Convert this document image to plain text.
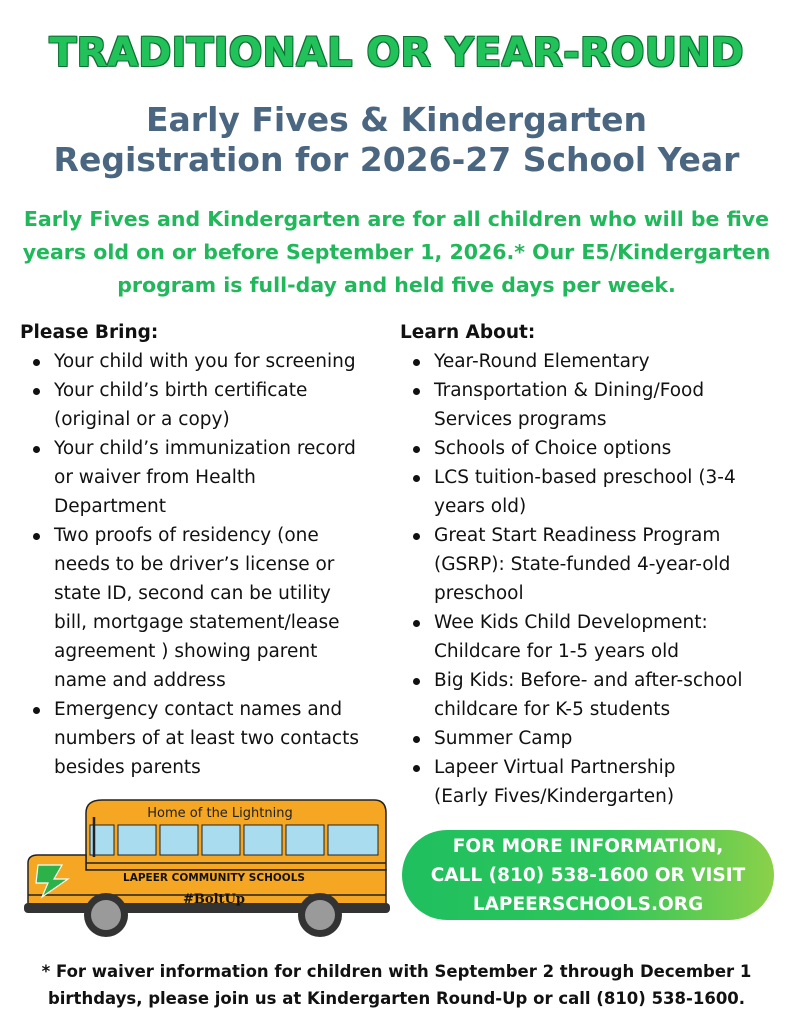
TRADITIONAL OR YEAR-ROUND
Early Fives & Kindergarten
Registration for 2026-27 School Year
Early Fives and Kindergarten are for all children who will be five
years old on or before September 1, 2026.* Our E5/Kindergarten
program is full-day and held five days per week.
Please Bring:
Your child with you for screening
Your child’s birth certificate
(original or a copy)
Your child’s immunization record
or waiver from Health
Department
Two proofs of residency (one
needs to be driver’s license or
state ID, second can be utility
bill, mortgage statement/lease
agreement ) showing parent
name and address
Emergency contact names and
numbers of at least two contacts
besides parents
Learn About:
Year-Round Elementary
Transportation & Dining/Food
Services programs
Schools of Choice options
LCS tuition-based preschool (3-4
years old)
Great Start Readiness Program
(GSRP): State-funded 4-year-old
preschool
Wee Kids Child Development:
Childcare for 1-5 years old
Big Kids: Before- and after-school
childcare for K-5 students
Summer Camp
Lapeer Virtual Partnership
(Early Fives/Kindergarten)
Home of the Lightning
LAPEER COMMUNITY SCHOOLS
#BoltUp
FOR MORE INFORMATION,
CALL (810) 538-1600 OR VISIT
LAPEERSCHOOLS.ORG
* For waiver information for children with September 2 through December 1
birthdays, please join us at Kindergarten Round-Up or call (810) 538-1600.
